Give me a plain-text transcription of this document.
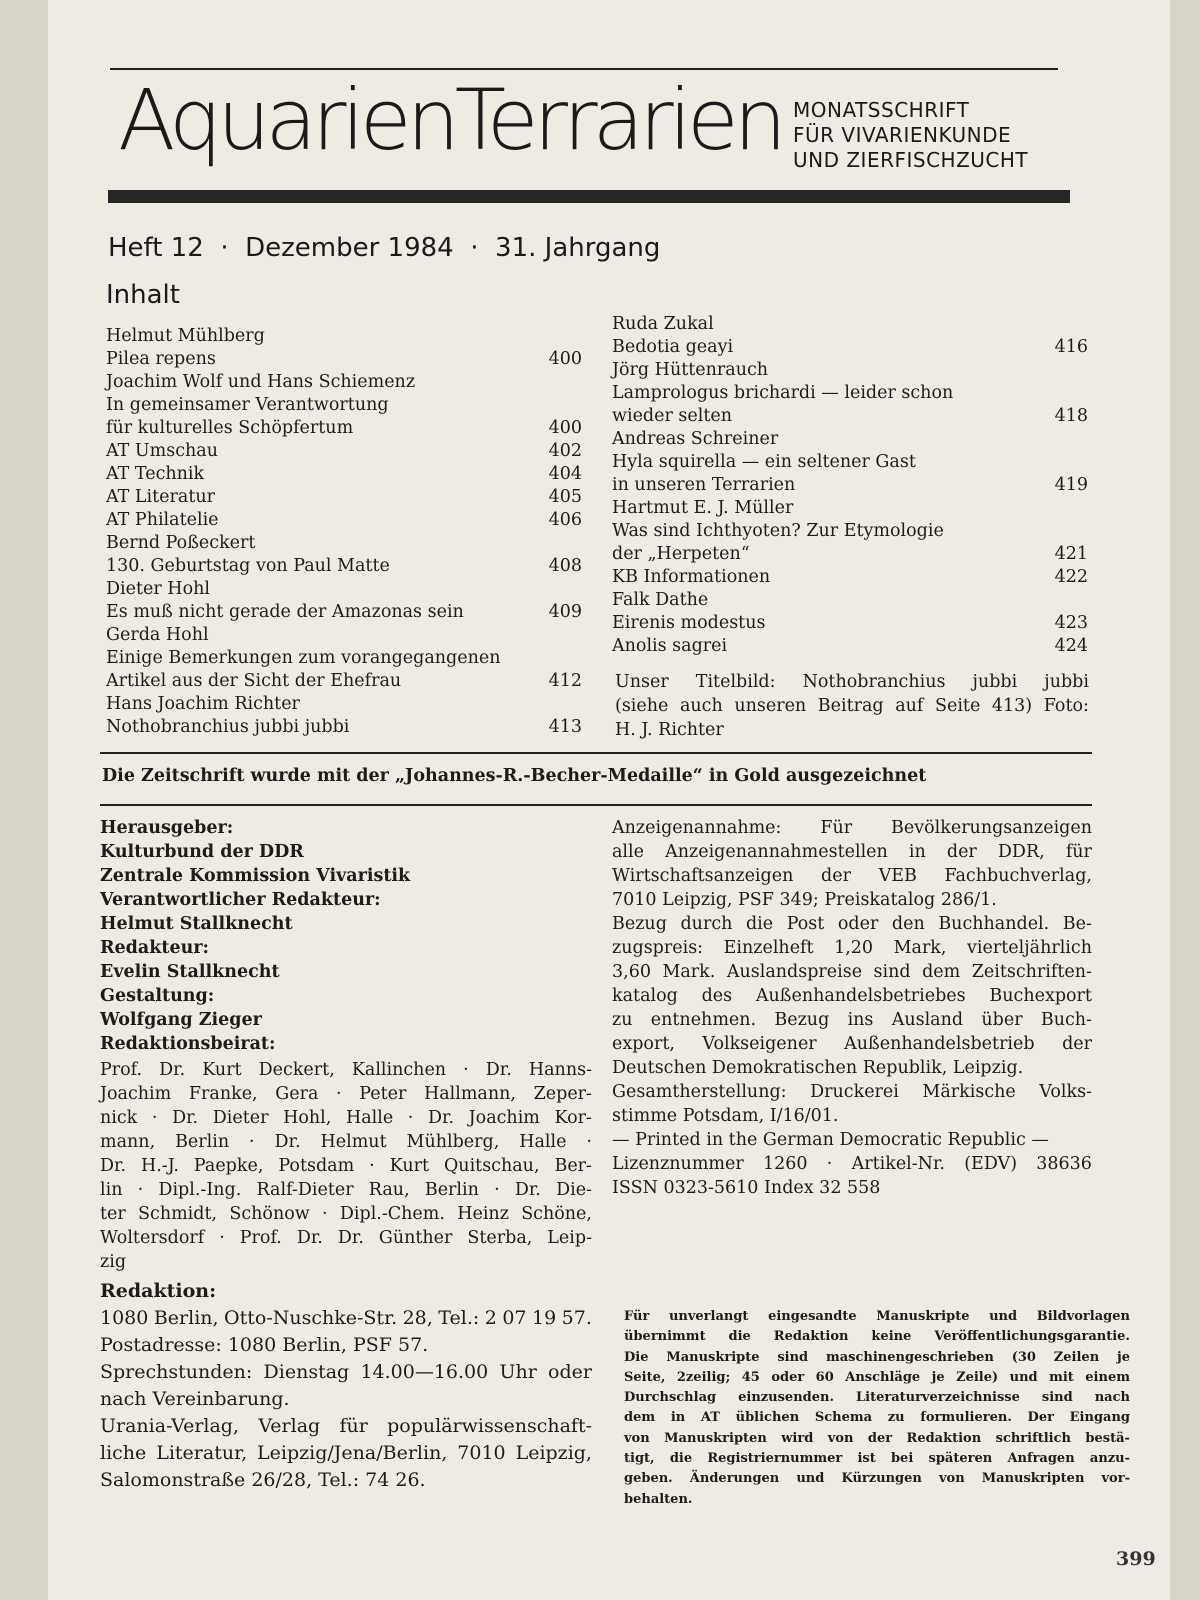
AquarienTerrarien MONATSSCHRIFT
FÜR VIVARIENKUNDE
UND ZIERFISCHZUCHT
Heft 12  ·  Dezember 1984  ·  31. Jahrgang
Inhalt
Helmut Mühlberg
Pilea repens	400
Joachim Wolf und Hans Schiemenz
In gemeinsamer Verantwortung
für kulturelles Schöpfertum	400
AT Umschau	402
AT Technik	404
AT Literatur	405
AT Philatelie	406
Bernd Poßeckert
130. Geburtstag von Paul Matte	408
Dieter Hohl
Es muß nicht gerade der Amazonas sein	409
Gerda Hohl
Einige Bemerkungen zum vorangegangenen
Artikel aus der Sicht der Ehefrau	412
Hans Joachim Richter
Nothobranchius jubbi jubbi	413
Ruda Zukal
Bedotia geayi	416
Jörg Hüttenrauch
Lamprologus brichardi — leider schon
wieder selten	418
Andreas Schreiner
Hyla squirella — ein seltener Gast
in unseren Terrarien	419
Hartmut E. J. Müller
Was sind Ichthyoten? Zur Etymologie
der „Herpeten“	421
KB Informationen	422
Falk Dathe
Eirenis modestus	423
Anolis sagrei	424
Unser Titelbild: Nothobranchius jubbi jubbi
(siehe auch unseren Beitrag auf Seite 413) Foto:
H. J. Richter
Die Zeitschrift wurde mit der „Johannes-R.-Becher-Medaille“ in Gold ausgezeichnet
Herausgeber:
Kulturbund der DDR
Zentrale Kommission Vivaristik
Verantwortlicher Redakteur:
Helmut Stallknecht
Redakteur:
Evelin Stallknecht
Gestaltung:
Wolfgang Zieger
Redaktionsbeirat:
Prof. Dr. Kurt Deckert, Kallinchen · Dr. Hanns-
Joachim Franke, Gera · Peter Hallmann, Zeper-
nick · Dr. Dieter Hohl, Halle · Dr. Joachim Kor-
mann, Berlin · Dr. Helmut Mühlberg, Halle ·
Dr. H.-J. Paepke, Potsdam · Kurt Quitschau, Ber-
lin · Dipl.-Ing. Ralf-Dieter Rau, Berlin · Dr. Die-
ter Schmidt, Schönow · Dipl.-Chem. Heinz Schöne,
Woltersdorf · Prof. Dr. Dr. Günther Sterba, Leip-
zig
Redaktion:
1080 Berlin, Otto-Nuschke-Str. 28, Tel.: 2 07 19 57.
Postadresse: 1080 Berlin, PSF 57.
Sprechstunden: Dienstag 14.00—16.00 Uhr oder
nach Vereinbarung.
Urania-Verlag, Verlag für populärwissenschaft-
liche Literatur, Leipzig/Jena/Berlin, 7010 Leipzig,
Salomonstraße 26/28, Tel.: 74 26.
Anzeigenannahme: Für Bevölkerungsanzeigen
alle Anzeigenannahmestellen in der DDR, für
Wirtschaftsanzeigen der VEB Fachbuchverlag,
7010 Leipzig, PSF 349; Preiskatalog 286/1.
Bezug durch die Post oder den Buchhandel. Be-
zugspreis: Einzelheft 1,20 Mark, vierteljährlich
3,60 Mark. Auslandspreise sind dem Zeitschriften-
katalog des Außenhandelsbetriebes Buchexport
zu entnehmen. Bezug ins Ausland über Buch-
export, Volkseigener Außenhandelsbetrieb der
Deutschen Demokratischen Republik, Leipzig.
Gesamtherstellung: Druckerei Märkische Volks-
stimme Potsdam, I/16/01.
— Printed in the German Democratic Republic —
Lizenznummer 1260 · Artikel-Nr. (EDV) 38636
ISSN 0323-5610 Index 32 558
Für unverlangt eingesandte Manuskripte und Bildvorlagen
übernimmt die Redaktion keine Veröffentlichungsgarantie.
Die Manuskripte sind maschinengeschrieben (30 Zeilen je
Seite, 2zeilig; 45 oder 60 Anschläge je Zeile) und mit einem
Durchschlag einzusenden. Literaturverzeichnisse sind nach
dem in AT üblichen Schema zu formulieren. Der Eingang
von Manuskripten wird von der Redaktion schriftlich bestä-
tigt, die Registriernummer ist bei späteren Anfragen anzu-
geben. Änderungen und Kürzungen von Manuskripten vor-
behalten.
399
